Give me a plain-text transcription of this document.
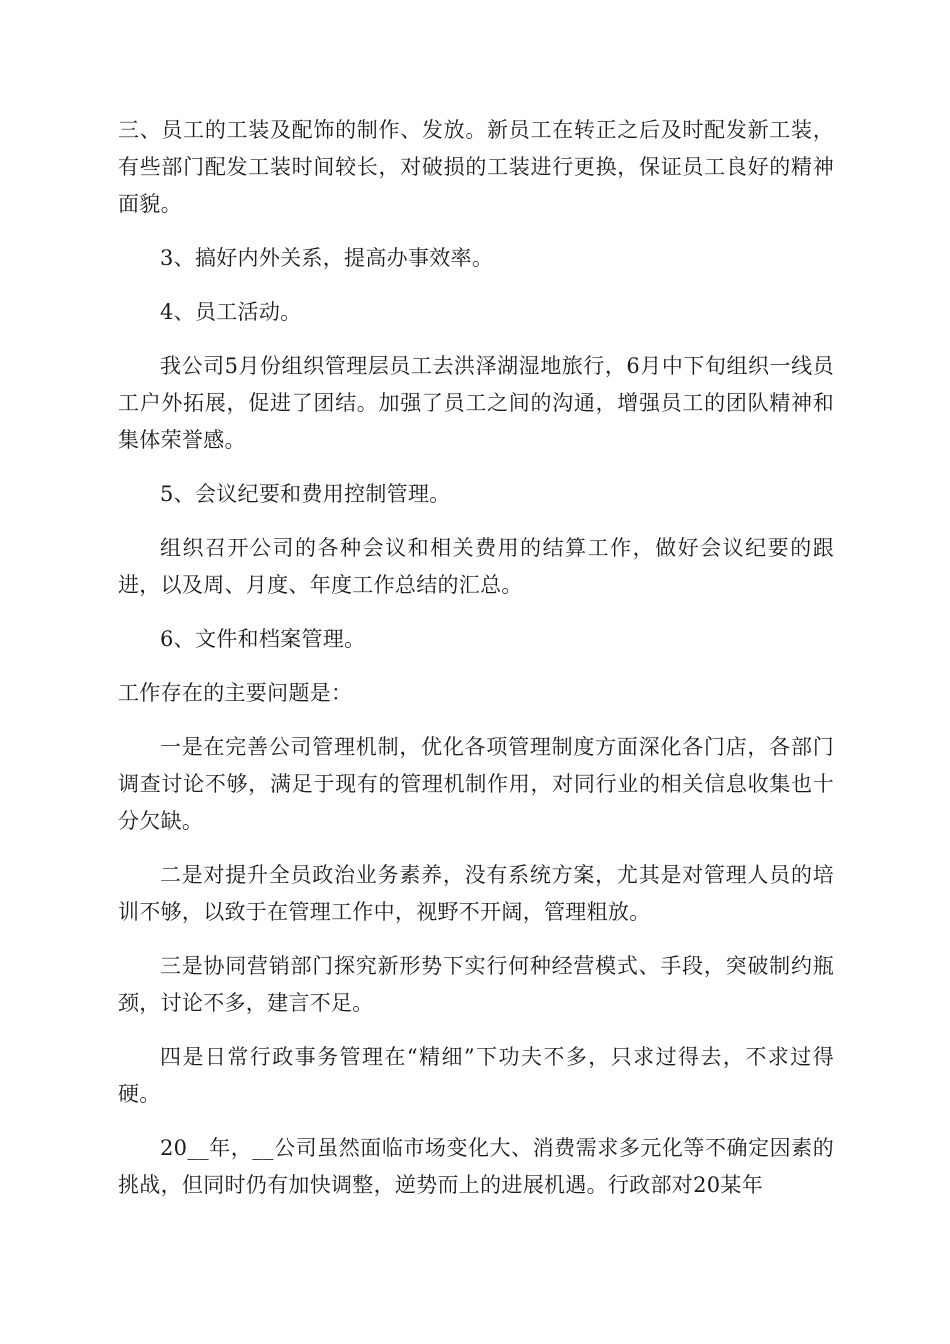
三、员工的工装及配饰的制作、发放。新员工在转正之后及时配发新工装，有些部门配发工装时间较长，对破损的工装进行更换，保证员工良好的精神面貌。

3、搞好内外关系，提高办事效率。

4、员工活动。

我公司5月份组织管理层员工去洪泽湖湿地旅行，6月中下旬组织一线员工户外拓展，促进了团结。加强了员工之间的沟通，增强员工的团队精神和集体荣誉感。

5、会议纪要和费用控制管理。

组织召开公司的各种会议和相关费用的结算工作，做好会议纪要的跟进，以及周、月度、年度工作总结的汇总。

6、文件和档案管理。

工作存在的主要问题是：

一是在完善公司管理机制，优化各项管理制度方面深化各门店，各部门调查讨论不够，满足于现有的管理机制作用，对同行业的相关信息收集也十分欠缺。

二是对提升全员政治业务素养，没有系统方案，尤其是对管理人员的培训不够，以致于在管理工作中，视野不开阔，管理粗放。

三是协同营销部门探究新形势下实行何种经营模式、手段，突破制约瓶颈，讨论不多，建言不足。

四是日常行政事务管理在“精细”下功夫不多，只求过得去，不求过得硬。

20__年，__公司虽然面临市场变化大、消费需求多元化等不确定因素的挑战，但同时仍有加快调整，逆势而上的进展机遇。行政部对20某年
